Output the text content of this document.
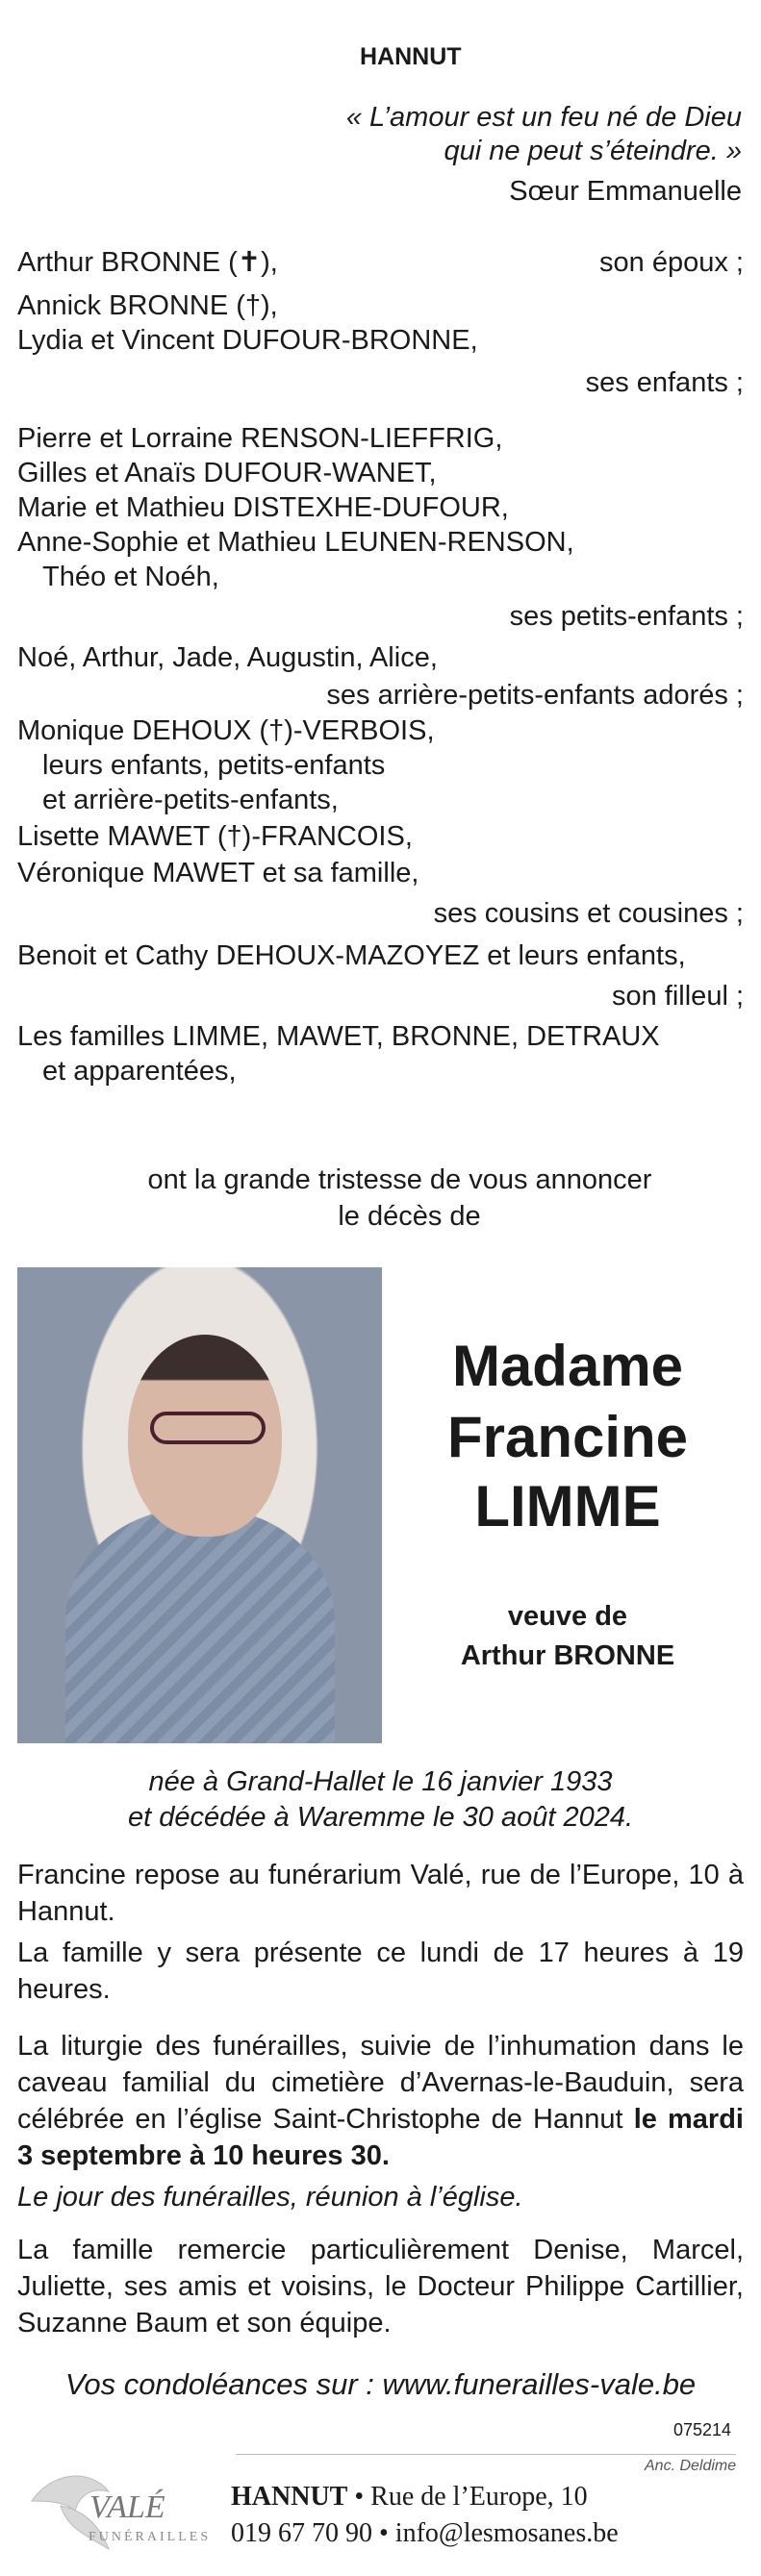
HANNUT
« L’amour est un feu né de Dieu
qui ne peut s’éteindre. »
Sœur Emmanuelle
Arthur BRONNE (✝),	son époux ;
Annick BRONNE (†),
Lydia et Vincent DUFOUR-BRONNE,
ses enfants ;
Pierre et Lorraine RENSON-LIEFFRIG,
Gilles et Anaïs DUFOUR-WANET,
Marie et Mathieu DISTEXHE-DUFOUR,
Anne-Sophie et Mathieu LEUNEN-RENSON,
Théo et Noéh,
ses petits-enfants ;
Noé, Arthur, Jade, Augustin, Alice,
ses arrière-petits-enfants adorés ;
Monique DEHOUX (†)-VERBOIS,
leurs enfants, petits-enfants
et arrière-petits-enfants,
Lisette MAWET (†)-FRANCOIS,
Véronique MAWET et sa famille,
ses cousins et cousines ;
Benoit et Cathy DEHOUX-MAZOYEZ et leurs enfants,
son filleul ;
Les familles LIMME, MAWET, BRONNE, DETRAUX
et apparentées,
ont la grande tristesse de vous annoncer
le décès de
Madame
Francine
LIMME
veuve de
Arthur BRONNE
née à Grand-Hallet le 16 janvier 1933
et décédée à Waremme le 30 août 2024.
Francine repose au funérarium Valé, rue de l’Europe, 10 à Hannut.
La famille y sera présente ce lundi de 17 heures à 19 heures.
La liturgie des funérailles, suivie de l’inhumation dans le caveau familial du cimetière d’Avernas-le-Bauduin, sera célébrée en l’église Saint-Christophe de Hannut le mardi 3 septembre à 10 heures 30.
Le jour des funérailles, réunion à l’église.
La famille remercie particulièrement Denise, Marcel, Juliette, ses amis et voisins, le Docteur Philippe Cartillier, Suzanne Baum et son équipe.
Vos condoléances sur : www.funerailles-vale.be
075214
Anc. Deldime
VALÉ
FUNÉRAILLES
HANNUT • Rue de l’Europe, 10
019 67 70 90 • info@lesmosanes.be
